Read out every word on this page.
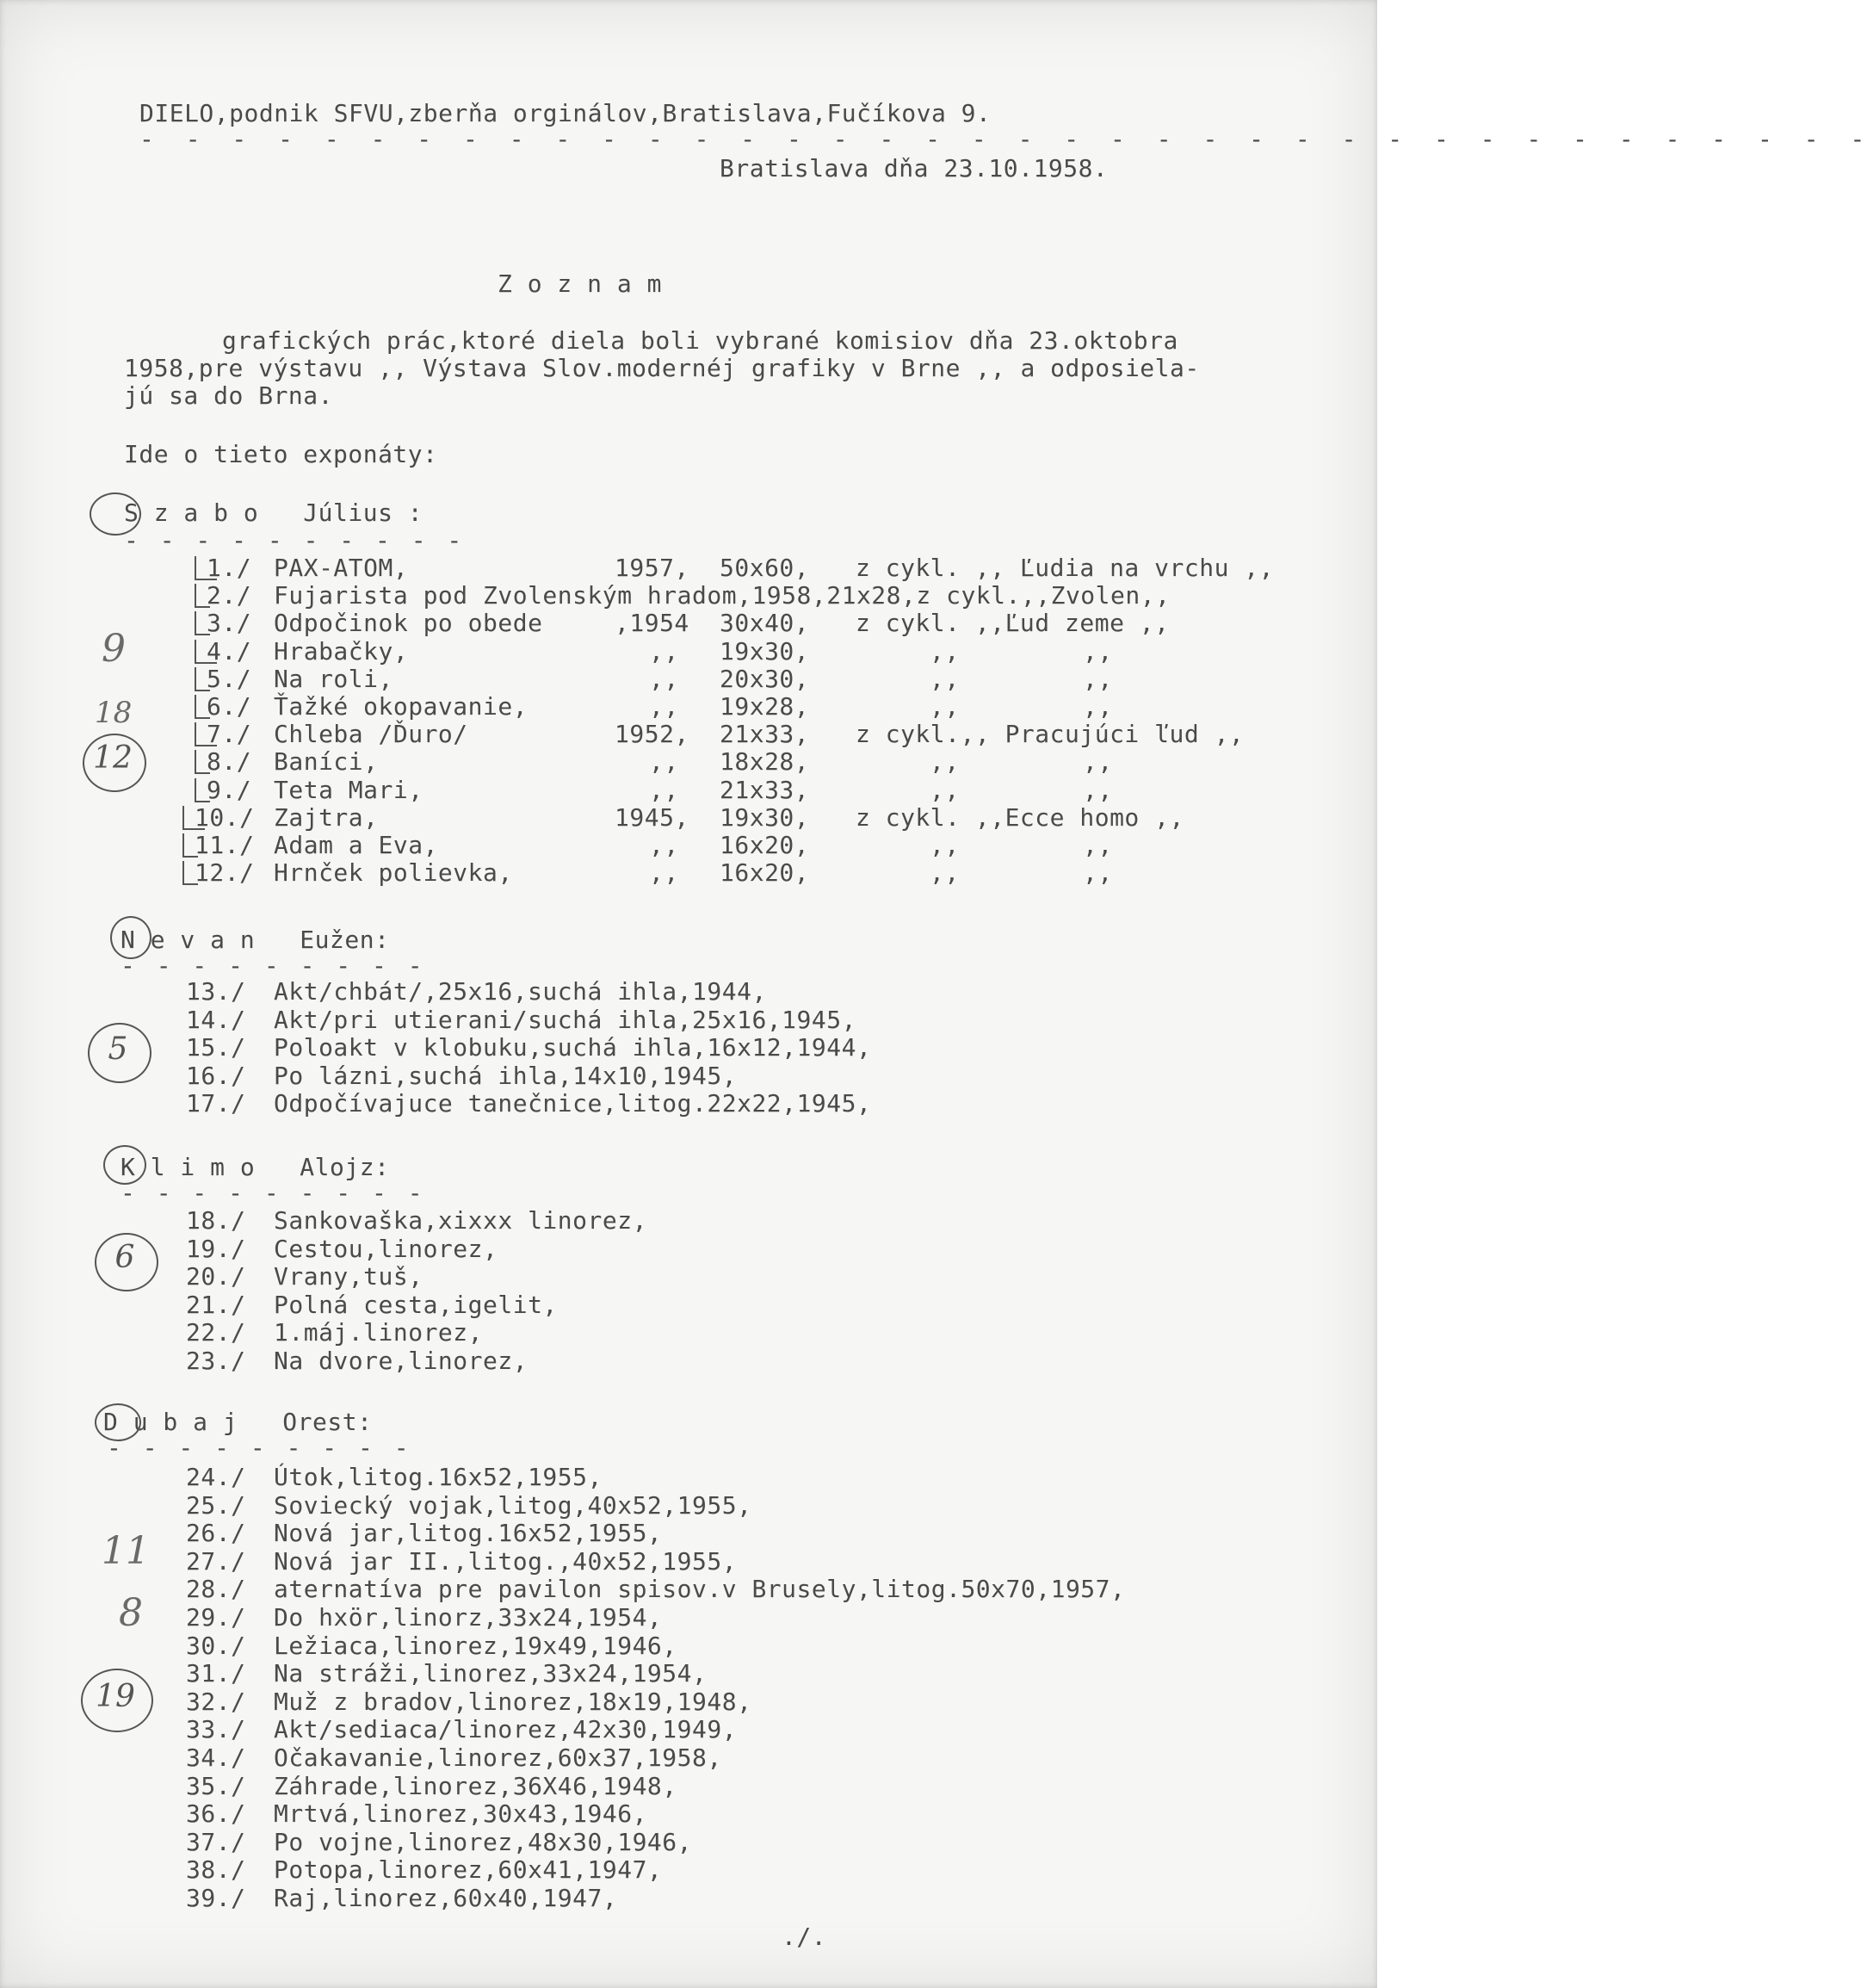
DIELO,podnik SFVU,zberňa orginálov,Bratislava,Fučíkova 9.
- - - - - - - - - - - - - - - - - - - - - - - - - - - - - - - - - - - - - -
Bratislava dňa 23.10.1958.
Z o z n a m
grafických prác,ktoré diela boli vybrané komisiov dňa 23.oktobra
1958,pre výstavu ,, Výstava Slov.modernéj grafiky v Brne ,, a odposiela-
jú sa do Brna.
Ide o tieto exponáty:
S z a b o   Július :
- - - - - - - - - -
1./ PAX-ATOM,	1957, 50x60, z cykl. ,, Ľudia na vrchu ,,
2./ Fujarista pod Zvolenským hradom,1958,21x28,z cykl.,,Zvolen,,
3./ Odpočinok po obede	,1954 30x40, z cykl. ,,Ľud zeme ,,
4./ Hrabačky,	,, 19x30,	,,	,,
5./ Na roli,	,, 20x30,	,,	,,
6./ Ťažké okopavanie,	,, 19x28,	,,	,,
7./ Chleba /Ďuro/	1952, 21x33, z cykl.,, Pracujúci ľud ,,
8./ Baníci,	,, 18x28,	,,	,,
9./ Teta Mari,	,, 21x33,	,,	,,
10./ Zajtra,	1945, 19x30, z cykl. ,,Ecce homo ,,
11./ Adam a Eva,	,, 16x20,	,,	,,
12./ Hrnček polievka,	,, 16x20,	,,	,,
N e v a n   Eužen:
- - - - - - - - -
13./ Akt/chbát/,25x16,suchá ihla,1944,
14./ Akt/pri utierani/suchá ihla,25x16,1945,
15./ Poloakt v klobuku,suchá ihla,16x12,1944,
16./ Po lázni,suchá ihla,14x10,1945,
17./ Odpočívajuce tanečnice,litog.22x22,1945,
K l i m o   Alojz:
- - - - - - - - -
18./ Sankovaška,xixxx linorez,
19./ Cestou,linorez,
20./ Vrany,tuš,
21./ Polná cesta,igelit,
22./ 1.máj.linorez,
23./ Na dvore,linorez,
D u b a j   Orest:
- - - - - - - - -
24./ Útok,litog.16x52,1955,
25./ Soviecký vojak,litog,40x52,1955,
26./ Nová jar,litog.16x52,1955,
27./ Nová jar II.,litog.,40x52,1955,
28./ aternatíva pre pavilon spisov.v Brusely,litog.50x70,1957,
29./ Do hxör,linorz,33x24,1954,
30./ Ležiaca,linorez,19x49,1946,
31./ Na stráži,linorez,33x24,1954,
32./ Muž z bradov,linorez,18x19,1948,
33./ Akt/sediaca/linorez,42x30,1949,
34./ Očakavanie,linorez,60x37,1958,
35./ Záhrade,linorez,36X46,1948,
36./ Mrtvá,linorez,30x43,1946,
37./ Po vojne,linorez,48x30,1946,
38./ Potopa,linorez,60x41,1947,
39./ Raj,linorez,60x40,1947,
12
5
6
19
9
18
11
8
./.
